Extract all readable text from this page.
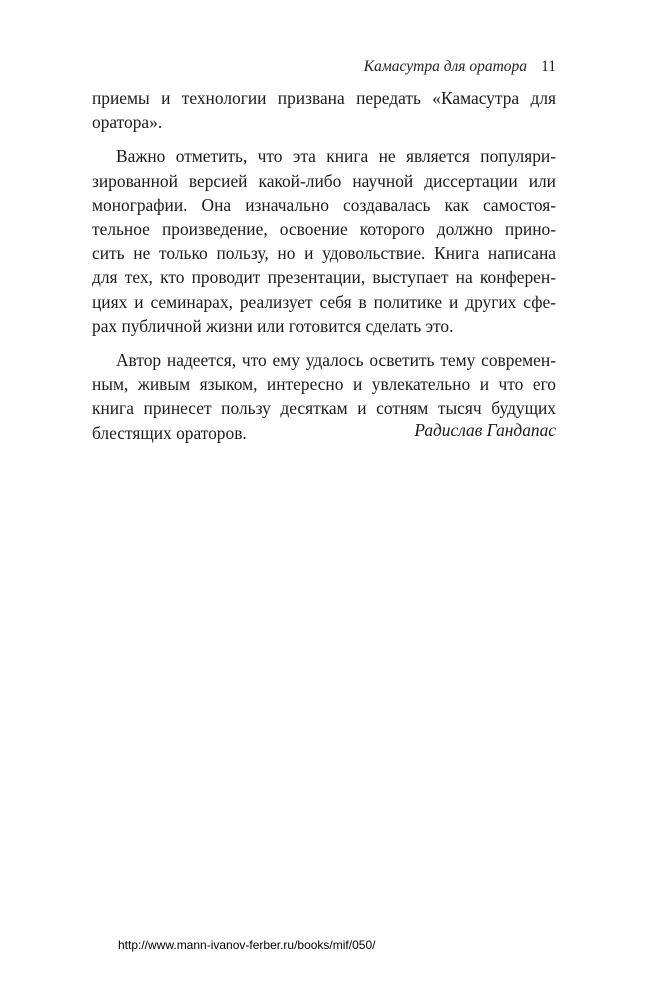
Камасутра для оратора 11
приемы и технологии призвана передать «Камасутра для
оратора».
Важно отметить, что эта книга не является популяри-
зированной версией какой-либо научной диссертации или
монографии. Она изначально создавалась как самостоя-
тельное произведение, освоение которого должно прино-
сить не только пользу, но и удовольствие. Книга написана
для тех, кто проводит презентации, выступает на конферен-
циях и семинарах, реализует себя в политике и других сфе-
рах публичной жизни или готовится сделать это.
Автор надеется, что ему удалось осветить тему современ-
ным, живым языком, интересно и увлекательно и что его
книга принесет пользу десяткам и сотням тысяч будущих
блестящих ораторов.	Радислав Гандапас
http://www.mann-ivanov-ferber.ru/books/mif/050/
